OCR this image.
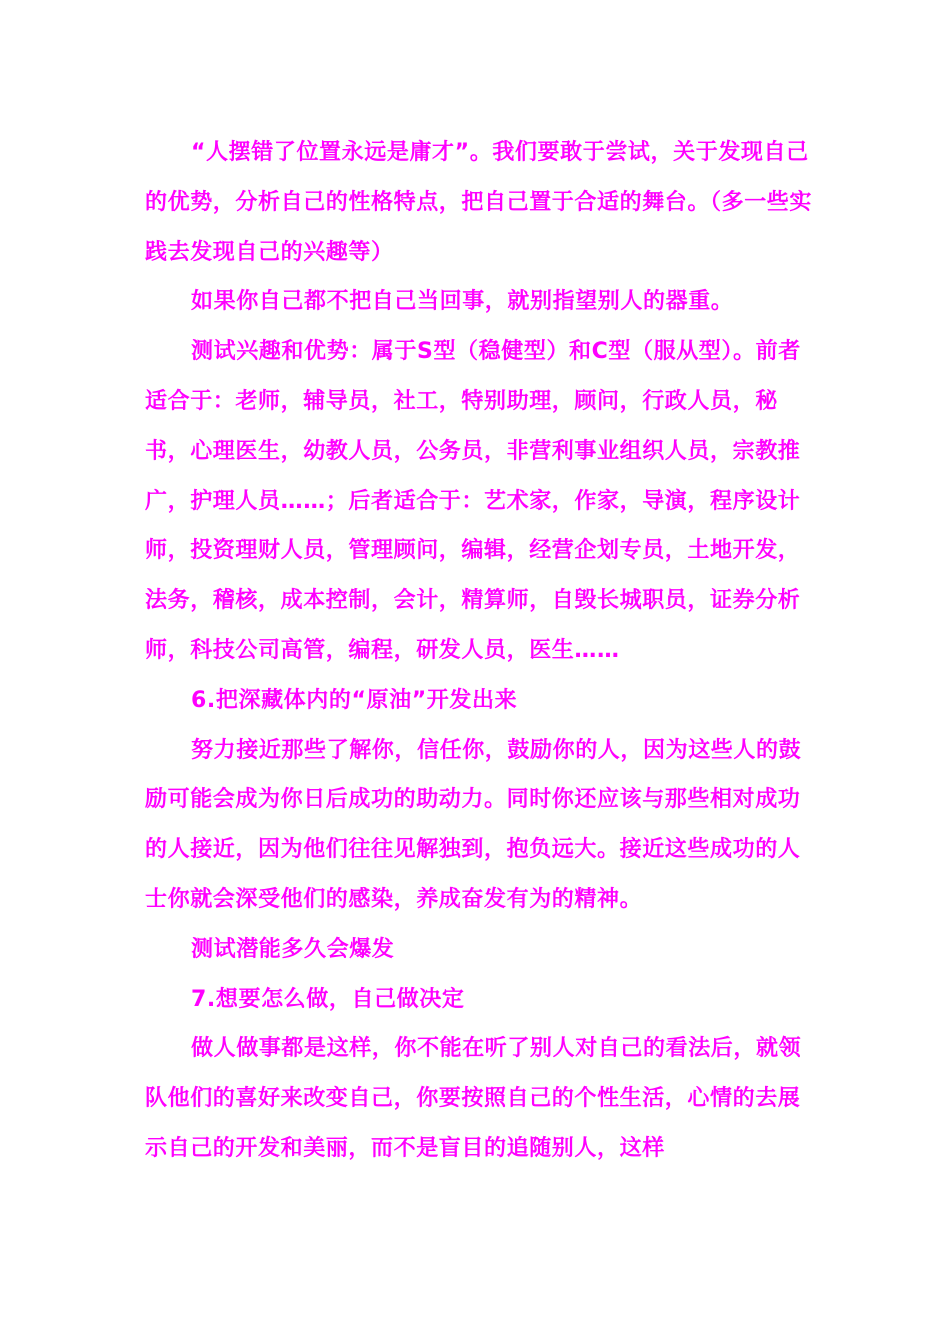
“人摆错了位置永远是庸才”。我们要敢于尝试，关于发现自己的优势，分析自己的性格特点，把自己置于合适的舞台。（多一些实践去发现自己的兴趣等）

如果你自己都不把自己当回事，就别指望别人的器重。

测试兴趣和优势：属于S型（稳健型）和C型（服从型）。前者适合于：老师，辅导员，社工，特别助理，顾问，行政人员，秘书，心理医生，幼教人员，公务员，非营利事业组织人员，宗教推广，护理人员……；后者适合于：艺术家，作家，导演，程序设计师，投资理财人员，管理顾问，编辑，经营企划专员，土地开发，法务，稽核，成本控制，会计，精算师，自毁长城职员，证券分析师，科技公司高管，编程，研发人员，医生……

6.把深藏体内的“原油”开发出来

努力接近那些了解你，信任你，鼓励你的人，因为这些人的鼓励可能会成为你日后成功的助动力。同时你还应该与那些相对成功的人接近，因为他们往往见解独到，抱负远大。接近这些成功的人士你就会深受他们的感染，养成奋发有为的精神。

测试潜能多久会爆发

7.想要怎么做，自己做决定

做人做事都是这样，你不能在听了别人对自己的看法后，就领队他们的喜好来改变自己，你要按照自己的个性生活，心情的去展示自己的开发和美丽，而不是盲目的追随别人，这样
